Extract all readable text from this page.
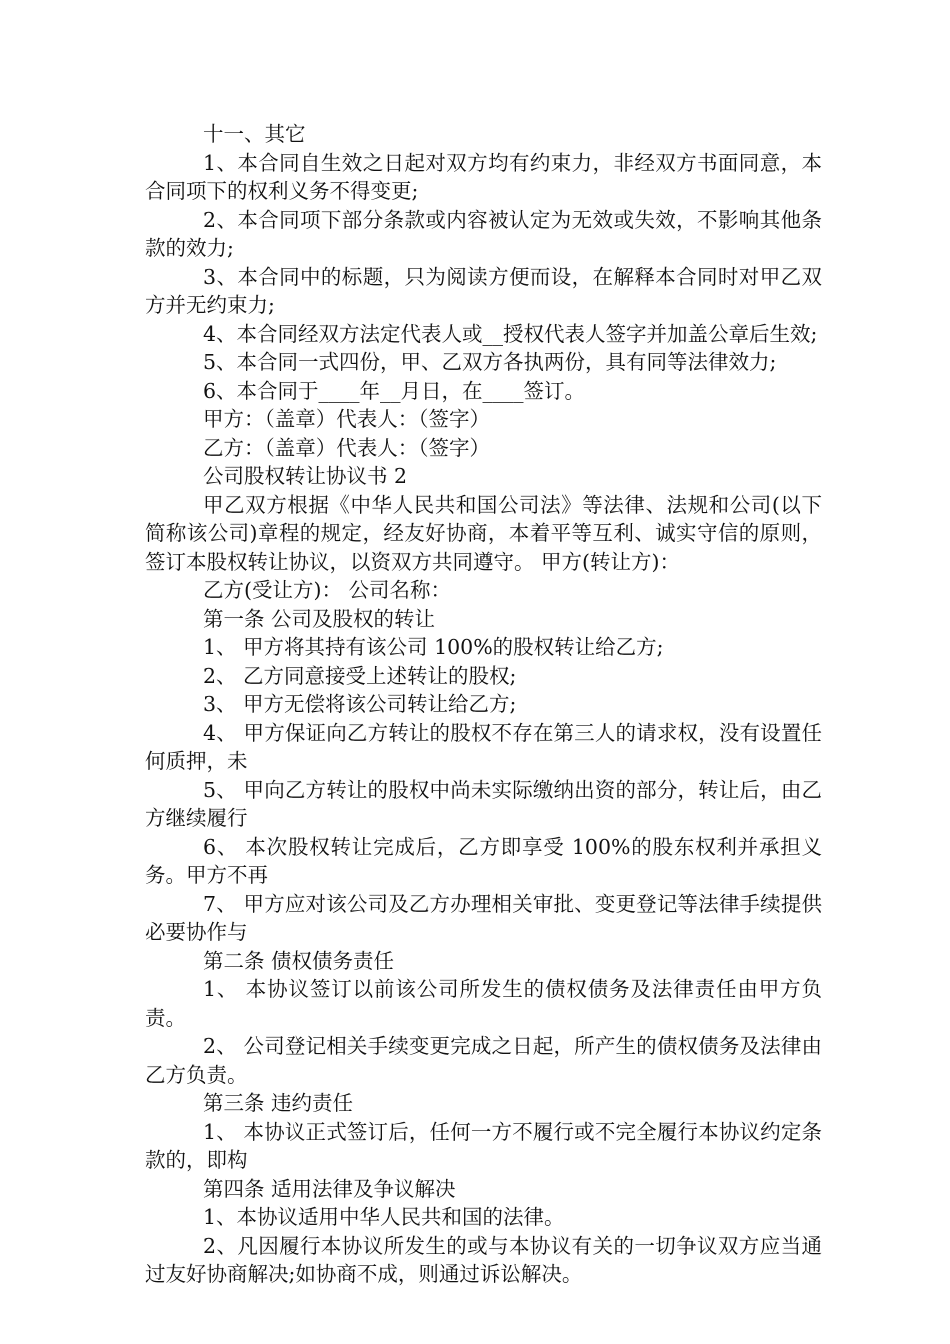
十一、其它

1、本合同自生效之日起对双方均有约束力，非经双方书面同意，本合同项下的权利义务不得变更;

2、本合同项下部分条款或内容被认定为无效或失效，不影响其他条款的效力;

3、本合同中的标题，只为阅读方便而设，在解释本合同时对甲乙双方并无约束力;

4、本合同经双方法定代表人或__授权代表人签字并加盖公章后生效;

5、本合同一式四份，甲、乙双方各执两份，具有同等法律效力;

6、本合同于____年__月日，在____签订。

甲方：（盖章）代表人：（签字）

乙方：（盖章）代表人：（签字）

公司股权转让协议书 2

甲乙双方根据《中华人民共和国公司法》等法律、法规和公司(以下简称该公司)章程的规定，经友好协商，本着平等互利、诚实守信的原则，签订本股权转让协议，以资双方共同遵守。 甲方(转让方)：

乙方(受让方)： 公司名称：

第一条 公司及股权的转让

1、 甲方将其持有该公司 100%的股权转让给乙方;

2、 乙方同意接受上述转让的股权;

3、 甲方无偿将该公司转让给乙方;

4、 甲方保证向乙方转让的股权不存在第三人的请求权，没有设置任何质押，未

5、 甲向乙方转让的股权中尚未实际缴纳出资的部分，转让后，由乙方继续履行

6、 本次股权转让完成后，乙方即享受 100%的股东权利并承担义务。甲方不再

7、 甲方应对该公司及乙方办理相关审批、变更登记等法律手续提供必要协作与

第二条 债权债务责任

1、 本协议签订以前该公司所发生的债权债务及法律责任由甲方负责。

2、 公司登记相关手续变更完成之日起，所产生的债权债务及法律由乙方负责。

第三条 违约责任

1、 本协议正式签订后，任何一方不履行或不完全履行本协议约定条款的，即构

第四条 适用法律及争议解决

1、本协议适用中华人民共和国的法律。

2、凡因履行本协议所发生的或与本协议有关的一切争议双方应当通过友好协商解决;如协商不成，则通过诉讼解决。
